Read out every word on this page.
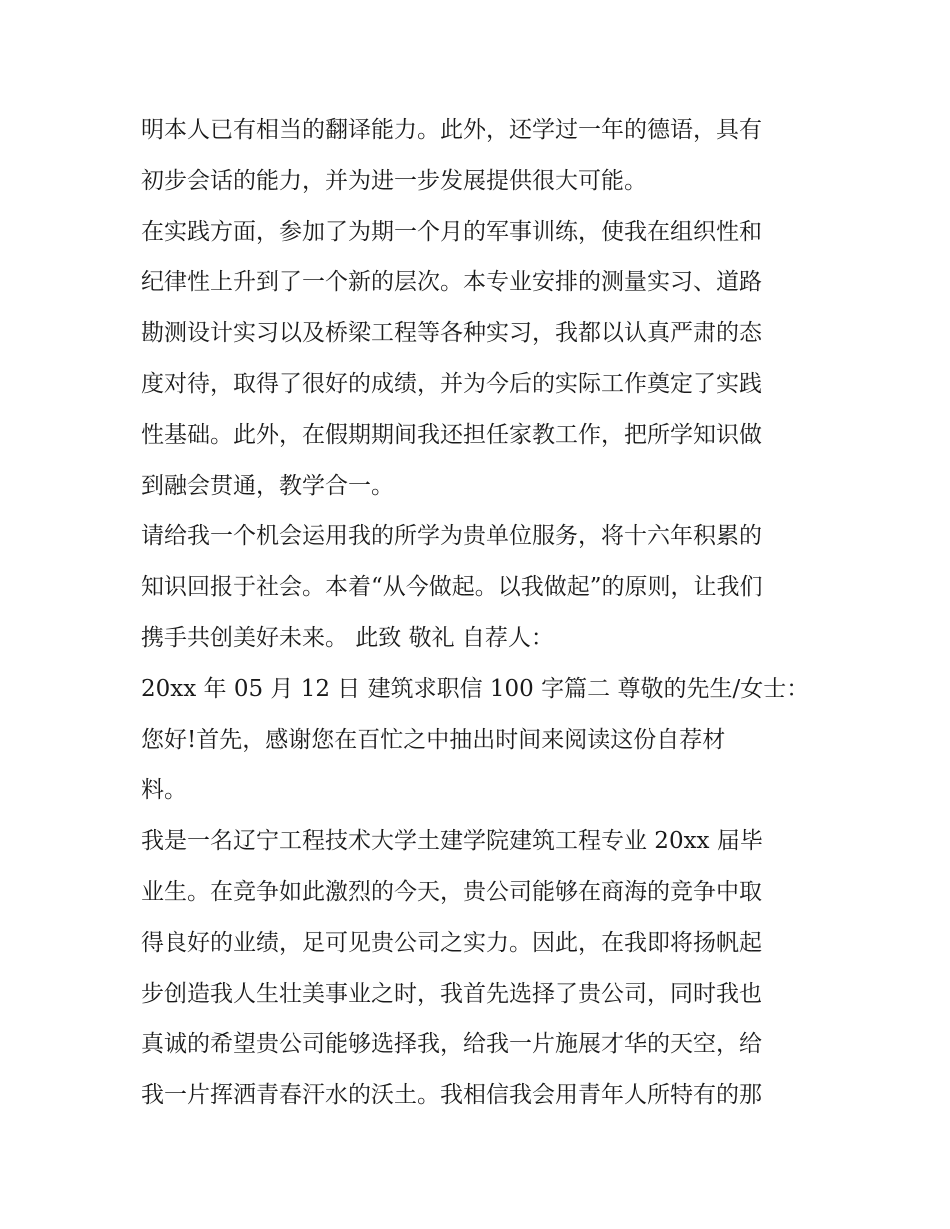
明本人已有相当的翻译能力。此外，还学过一年的德语，具有
初步会话的能力，并为进一步发展提供很大可能。
在实践方面，参加了为期一个月的军事训练，使我在组织性和
纪律性上升到了一个新的层次。本专业安排的测量实习、道路
勘测设计实习以及桥梁工程等各种实习，我都以认真严肃的态
度对待，取得了很好的成绩，并为今后的实际工作奠定了实践
性基础。此外，在假期期间我还担任家教工作，把所学知识做
到融会贯通，教学合一。
请给我一个机会运用我的所学为贵单位服务，将十六年积累的
知识回报于社会。本着“从今做起。以我做起”的原则，让我们
携手共创美好未来。 此致 敬礼 自荐人：
20xx 年 05 月 12 日 建筑求职信 100 字篇二 尊敬的先生/女士：
您好!首先，感谢您在百忙之中抽出时间来阅读这份自荐材
料。
我是一名辽宁工程技术大学土建学院建筑工程专业 20xx 届毕
业生。在竞争如此激烈的今天，贵公司能够在商海的竞争中取
得良好的业绩，足可见贵公司之实力。因此，在我即将扬帆起
步创造我人生壮美事业之时，我首先选择了贵公司，同时我也
真诚的希望贵公司能够选择我，给我一片施展才华的天空，给
我一片挥洒青春汗水的沃土。我相信我会用青年人所特有的那
